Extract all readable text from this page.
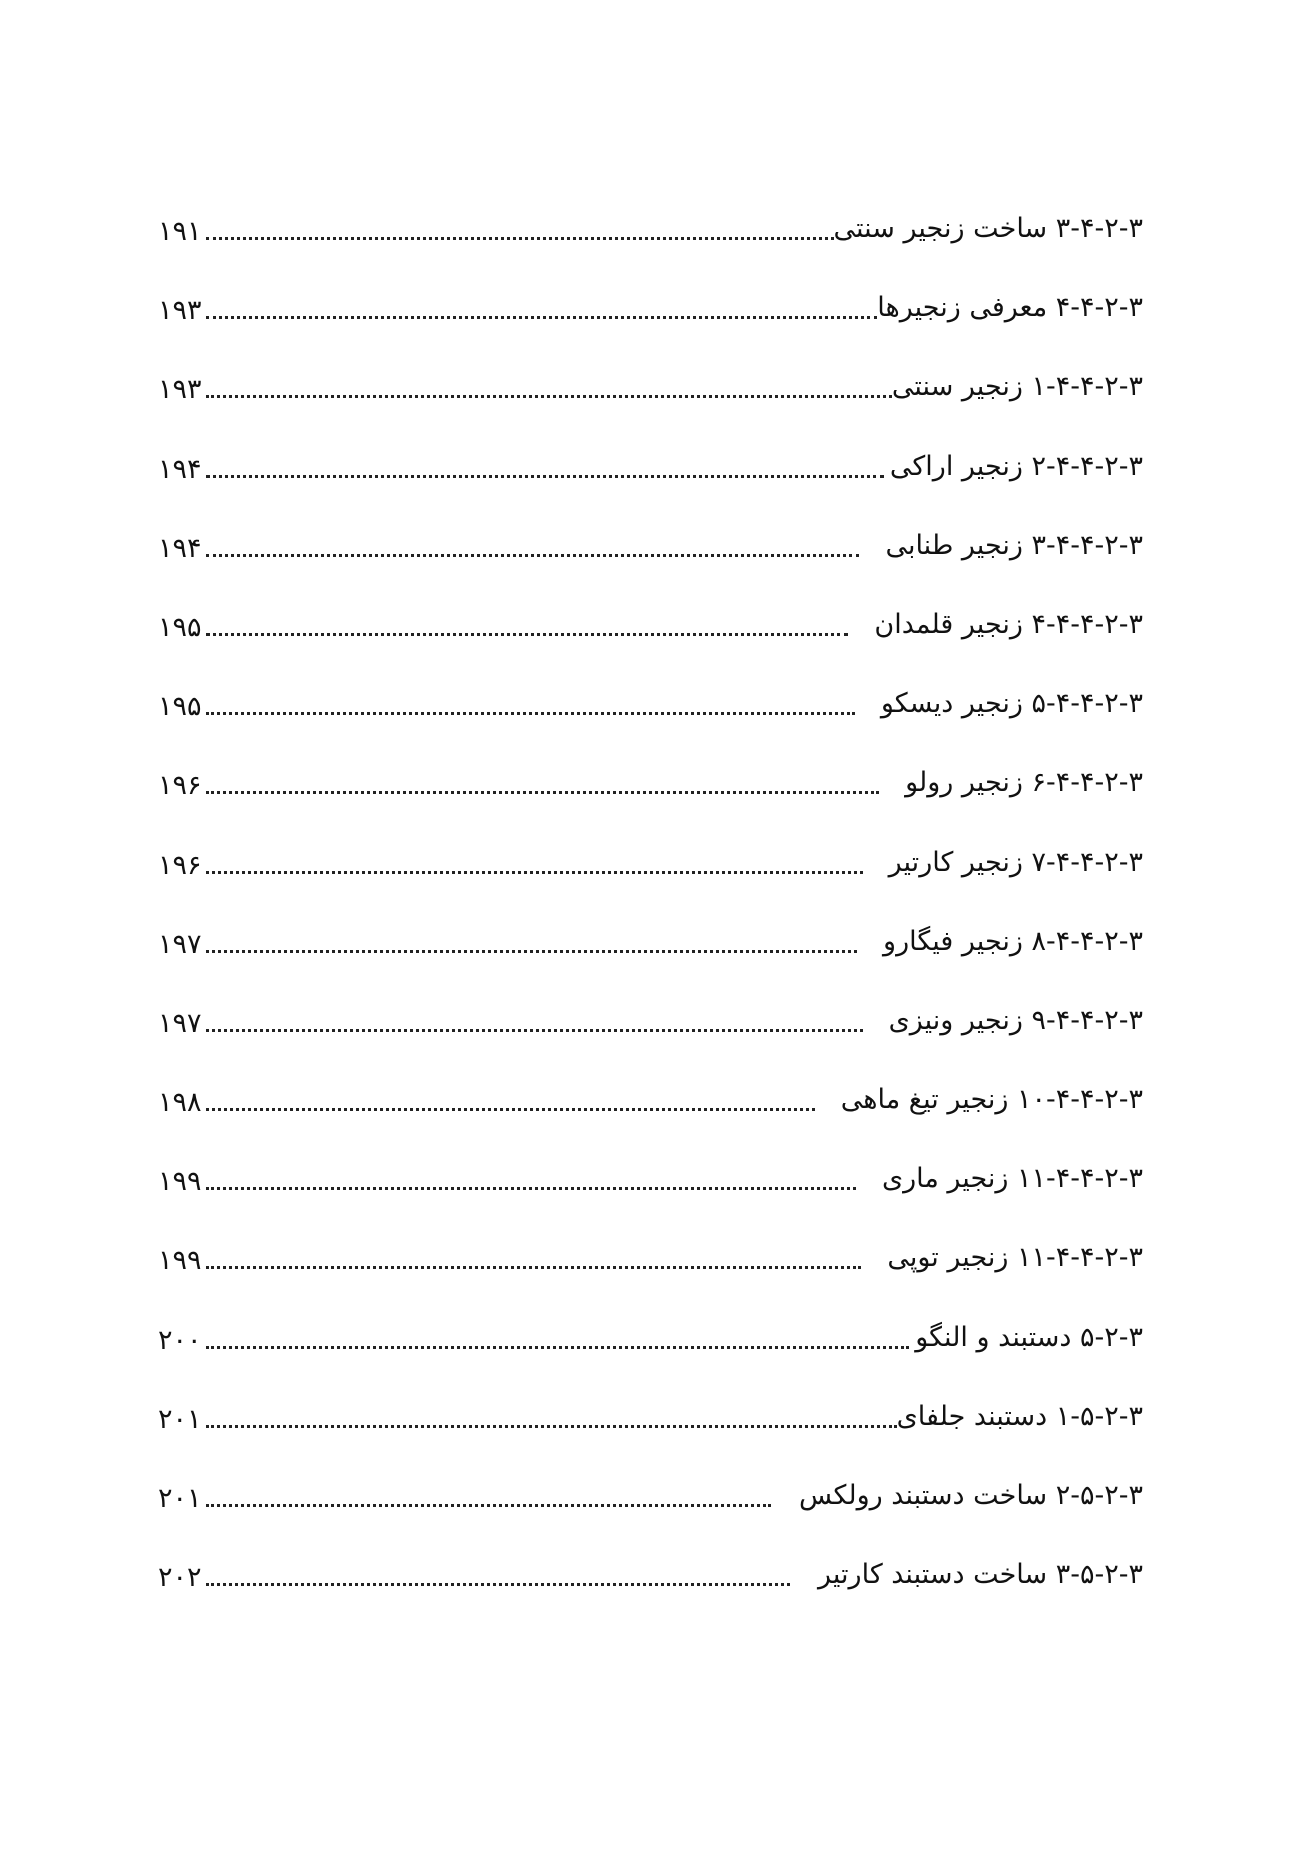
۱۹۱	۳-۴-۲-۳ ساخت زنجیر سنتی
۱۹۳	۴-۴-۲-۳ معرفی زنجیرها
۱۹۳	۱-۴-۴-۲-۳ زنجیر سنتی
۱۹۴	۲-۴-۴-۲-۳ زنجیر اراکی
۱۹۴	۳-۴-۴-۲-۳ زنجیر طنابی
۱۹۵	۴-۴-۴-۲-۳ زنجیر قلمدان
۱۹۵	۵-۴-۴-۲-۳ زنجیر دیسکو
۱۹۶	۶-۴-۴-۲-۳ زنجیر رولو
۱۹۶	۷-۴-۴-۲-۳ زنجیر کارتیر
۱۹۷	۸-۴-۴-۲-۳ زنجیر فیگارو
۱۹۷	۹-۴-۴-۲-۳ زنجیر ونیزی
۱۹۸	۱۰-۴-۴-۲-۳ زنجیر تیغ ماهی
۱۹۹	۱۱-۴-۴-۲-۳ زنجیر ماری
۱۹۹	۱۱-۴-۴-۲-۳ زنجیر توپی
۲۰۰	۵-۲-۳ دستبند و النگو
۲۰۱	۱-۵-۲-۳ دستبند جلفای
۲۰۱	۲-۵-۲-۳ ساخت دستبند رولکس
۲۰۲	۳-۵-۲-۳ ساخت دستبند کارتیر
